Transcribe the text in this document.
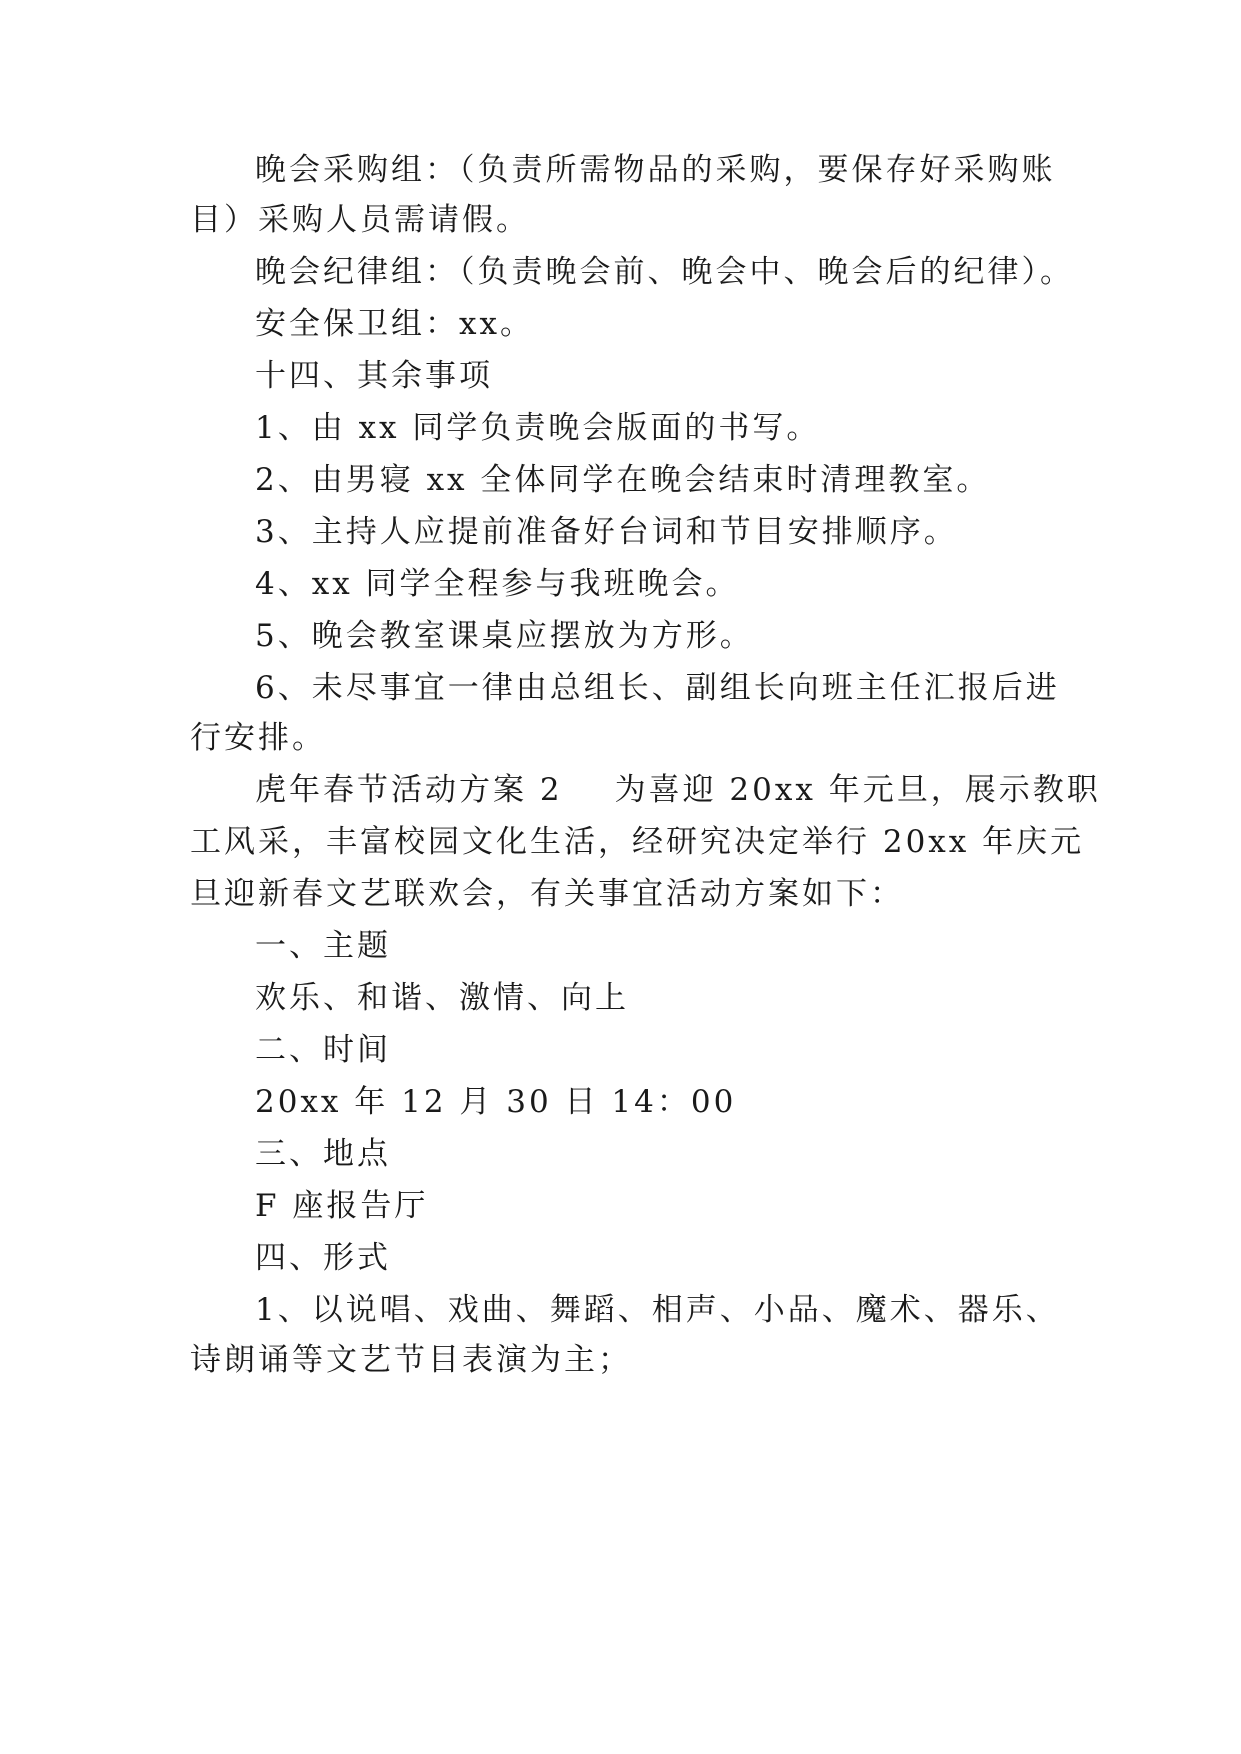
晚会采购组：（负责所需物品的采购，要保存好采购账
目）采购人员需请假。
晚会纪律组：（负责晚会前、晚会中、晚会后的纪律）。
安全保卫组：xx。
十四、其余事项
1、由 xx 同学负责晚会版面的书写。
2、由男寝 xx 全体同学在晚会结束时清理教室。
3、主持人应提前准备好台词和节目安排顺序。
4、xx 同学全程参与我班晚会。
5、晚会教室课桌应摆放为方形。
6、未尽事宜一律由总组长、副组长向班主任汇报后进
行安排。
虎年春节活动方案 2 为喜迎 20xx 年元旦，展示教职
工风采，丰富校园文化生活，经研究决定举行 20xx 年庆元
旦迎新春文艺联欢会，有关事宜活动方案如下：
一、主题
欢乐、和谐、激情、向上
二、时间
20xx 年 12 月 30 日 14：00
三、地点
F 座报告厅
四、形式
1、以说唱、戏曲、舞蹈、相声、小品、魔术、器乐、
诗朗诵等文艺节目表演为主；
